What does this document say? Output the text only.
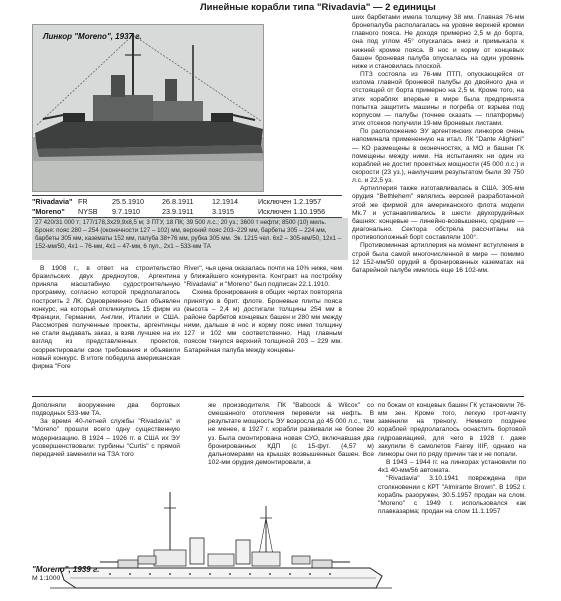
Линейные корабли типа "Rivadavia" — 2 единицы
Линкор "Moreno", 1937 г.
"Rivadavia" FR	25.5.1910	26.8.1911	12.1914	Исключен 1.2.1957
"Moreno"	NYSB	9.7.1910	23.9.1911	3.1915	Исключен 1.10.1956
27 420/31 000 т; 177/178,3x29,9x8,5 м; 3 ПТУ, 18 ПК; 39 500 л.с.; 20 уз.; 3600 т нефти; 8500 (10) миль. Броня: пояс 280 – 254 (оконечности 127 – 102) мм, верхний пояс 203–229 мм, барбеты 305 – 224 мм, барбеты 305 мм, казематы 152 мм, палуба 38+76 мм, рубка 305 мм. Эк. 1215 чел. 6х2 – 305-мм/50, 12х1 – 152-мм/50, 4х1 – 76-мм, 4х1 – 47-мм, 6 пул., 2х1 – 533-мм ТА

ших барбетами имела толщину 38 мм. Главная 76-мм бронепалуба располагалась на уровне верхней кромки главного пояса. Не доходя примерно 2,5 м до борта, она под углом 45° опускалась вниз и примыкала к нижней кромке пояса. В нос и корму от концевых башен броневая палуба опускалась на один уровень ниже и становилась плоской.

ПТЗ состояла из 76-мм ПТП, опускающейся от излома главной броневой палубы до двойного дна и отстоящей от борта примерно на 2,5 м. Кроме того, на этих кораблях впервые в мире была предпринята попытка защитить машины и погреба от взрыва под корпусом — палубы (точнее сказать — платформы) этих отсеков получили 19-мм броневых листами.

По расположению ЭУ аргентинских линкоров очень напоминала примененную на итал. ЛК "Dante Alighieri" — КО размещены в оконечностях, а МО и башни ГК помещены между ними. На испытаниях ни один из кораблей не достиг проектных мощности (45 000 л.с.) и скорости (23 уз.), наилучшим результатом были 39 750 л.с. и 22,5 уз.

Артиллерия также изготавливалась в США. 305-мм орудия "Bethlehem" являлись версией разработанной этой же фирмой для американского флота модели Mk.7 и устанавливались в шести двухорудийных башнях: концевые — линейно-возвышенно, средние — диагонально. Сектора обстрела рассчитаны на противоположный борт составляли 100°.

Противоминная артиллерия на момент вступления в строй была самой многочисленной в мире — помимо 12 152-мм/50 орудий в бронированных казематах на батарейной палубе имелось еще 16 102-мм.

В 1908 г., в ответ на строительство бразильских двух дредноутов, Аргентина приняла масштабную судостроительную программу, согласно которой предполагалось построить 2 ЛК. Одновременно был объявлен конкурс, на который откликнулись 15 фирм из Франции, Германии, Англии, Италии и США. Рассмотрев полученные проекты, аргентинцы не стали выдавать заказ, а взяв лучшее на их взгляд из представленных проектов, скорректировали свои требования и объявили новый конкурс. В итоге победила американская фирма "Fore

River", чья цена оказалась почти на 10% ниже, чем у ближайшего конкурента. Контракт на постройку "Rivadavia" и "Moreno" был подписан 22.1.1910.

Схема бронирования в общих чертах повторяла принятую в брит. флоте. Броневые плиты пояса (высота – 2,4 м) достигали толщины 254 мм в районе барбетов концевых башен и 280 мм между ними, дальше в нос и корму пояс имел толщину 127 и 102 мм соответственно. Над главным поясом тянулся верхний толщиной 203 – 229 мм. Батарейная палуба между концевы-

Дополняли вооружение два бортовых подводных 533-мм ТА.

За время 40-летней службы "Rivadavia" и "Moreno" прошли всего одну существенную модернизацию. В 1924 – 1926 гг. в США их ЭУ усовершенствовали: турбины "Curtis" с прямой передачей заменили на ТЗА того

же производителя. ПК "Babcock & Wilcox" со смешанного отопления перевели на нефть. В результате мощность ЭУ возросла до 45 000 л.с., тем не менее, в 1927 г. корабли развивали не более 20 уз. Была смонтирована новая СУО, включавшая два бронированных КДП (с 15-фут. (4,57 м) дальномерами на крышах возвышенных башен. Все 102-мм орудия демонтировали, а

по бокам от концевых башен ГК установили 76-мм зен. Кроме того, легкую грот-мачту заменили на треногу. Немного позднее кораблей предполагалось оснастить бортовой гидроавиацией, для чего в 1928 г. даже закупили 6 самолетов Fairey IIIF, однако на линкоры они по ряду причин так и не попали.

В 1943 – 1944 гг. на линкорах установили по 4х1 40-мм/56 автомата.

"Rivadavia" 3.10.1941 повреждена при столкновении с КРТ "Almirante Brown". В 1952 г. корабль разоружен, 30.5.1957 продан на слом. "Moreno" с 1949 г. использовался как плавказарма; продан на слом 11.1.1957

"Moreno", 1939 г.
М 1:1000
